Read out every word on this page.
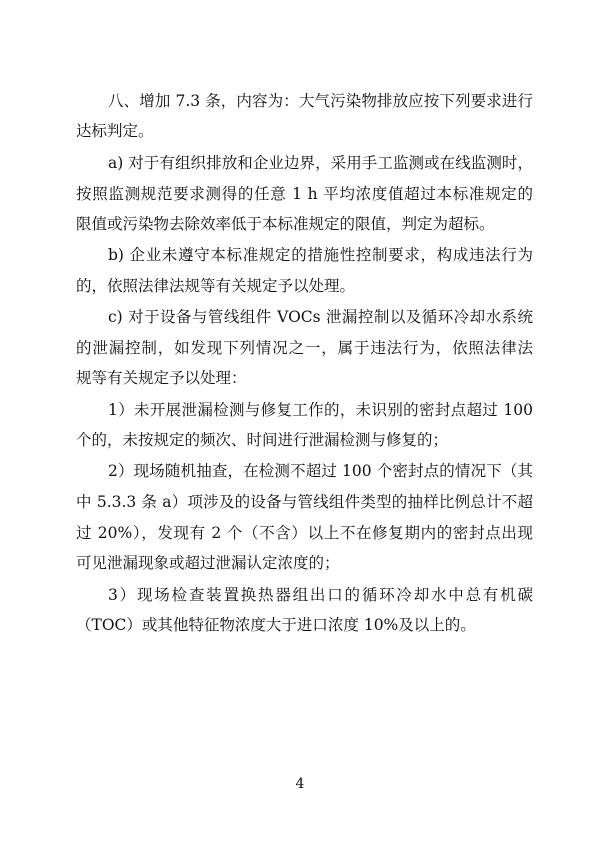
八、增加 7.3 条，内容为：大气污染物排放应按下列要求进行
达标判定。
a) 对于有组织排放和企业边界，采用手工监测或在线监测时，
按照监测规范要求测得的任意 1 h 平均浓度值超过本标准规定的
限值或污染物去除效率低于本标准规定的限值，判定为超标。
b) 企业未遵守本标准规定的措施性控制要求，构成违法行为
的，依照法律法规等有关规定予以处理。
c) 对于设备与管线组件 VOCs 泄漏控制以及循环冷却水系统
的泄漏控制，如发现下列情况之一，属于违法行为，依照法律法
规等有关规定予以处理：
1）未开展泄漏检测与修复工作的，未识别的密封点超过 100
个的，未按规定的频次、时间进行泄漏检测与修复的；
2）现场随机抽查，在检测不超过 100 个密封点的情况下（其
中 5.3.3 条 a）项涉及的设备与管线组件类型的抽样比例总计不超
过 20%），发现有 2 个（不含）以上不在修复期内的密封点出现
可见泄漏现象或超过泄漏认定浓度的；
3）现场检查装置换热器组出口的循环冷却水中总有机碳
（TOC）或其他特征物浓度大于进口浓度 10%及以上的。
4
